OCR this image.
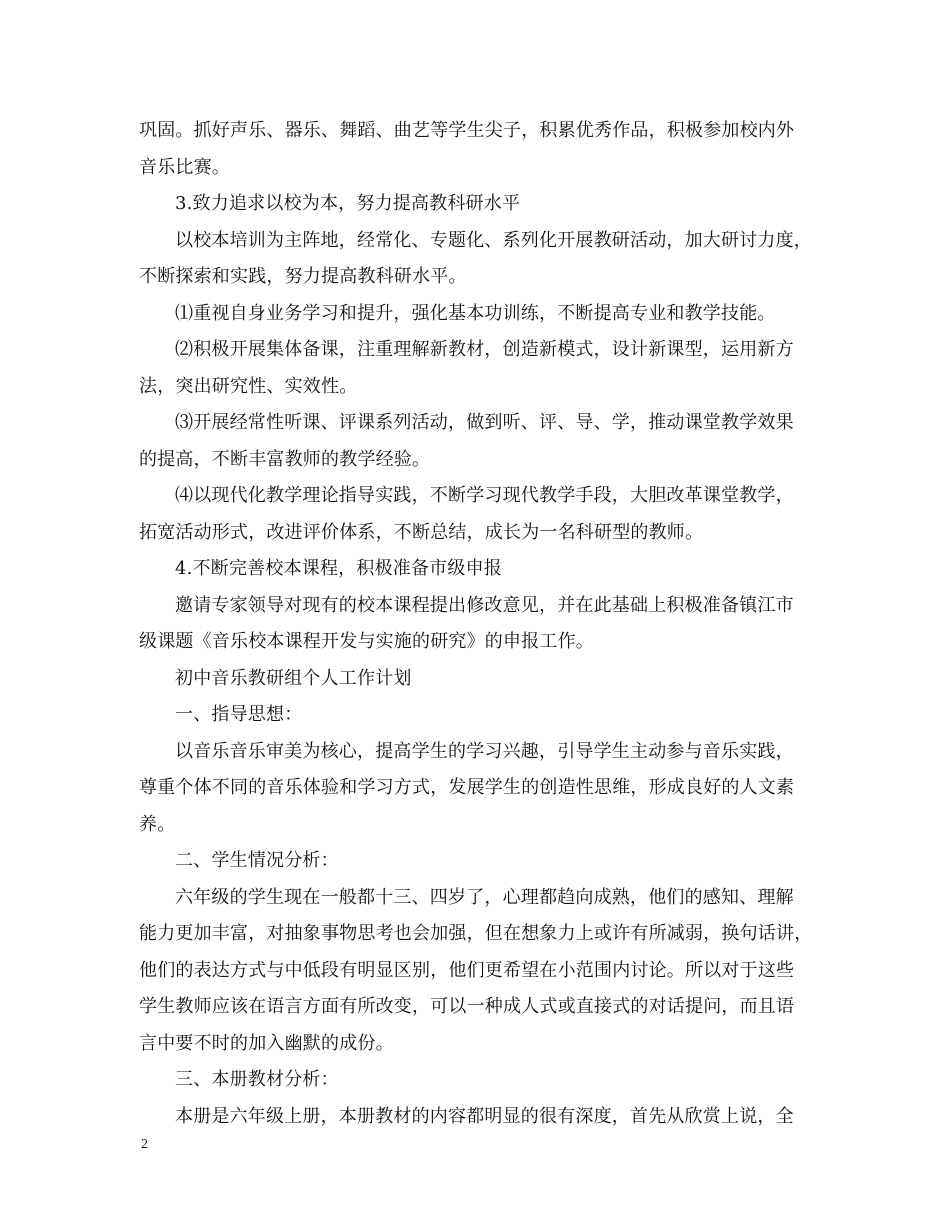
巩固。抓好声乐、器乐、舞蹈、曲艺等学生尖子，积累优秀作品，积极参加校内外
音乐比赛。
3.致力追求以校为本，努力提高教科研水平
以校本培训为主阵地，经常化、专题化、系列化开展教研活动，加大研讨力度，
不断探索和实践，努力提高教科研水平。
⑴重视自身业务学习和提升，强化基本功训练，不断提高专业和教学技能。
⑵积极开展集体备课，注重理解新教材，创造新模式，设计新课型，运用新方
法，突出研究性、实效性。
⑶开展经常性听课、评课系列活动，做到听、评、导、学，推动课堂教学效果
的提高，不断丰富教师的教学经验。
⑷以现代化教学理论指导实践，不断学习现代教学手段，大胆改革课堂教学，
拓宽活动形式，改进评价体系，不断总结，成长为一名科研型的教师。
4.不断完善校本课程，积极准备市级申报
邀请专家领导对现有的校本课程提出修改意见，并在此基础上积极准备镇江市
级课题《音乐校本课程开发与实施的研究》的申报工作。
初中音乐教研组个人工作计划
一、指导思想：
以音乐音乐审美为核心，提高学生的学习兴趣，引导学生主动参与音乐实践，
尊重个体不同的音乐体验和学习方式，发展学生的创造性思维，形成良好的人文素
养。
二、学生情况分析：
六年级的学生现在一般都十三、四岁了，心理都趋向成熟，他们的感知、理解
能力更加丰富，对抽象事物思考也会加强，但在想象力上或许有所减弱，换句话讲，
他们的表达方式与中低段有明显区别，他们更希望在小范围内讨论。所以对于这些
学生教师应该在语言方面有所改变，可以一种成人式或直接式的对话提问，而且语
言中要不时的加入幽默的成份。
三、本册教材分析：
本册是六年级上册，本册教材的内容都明显的很有深度，首先从欣赏上说，全
2
